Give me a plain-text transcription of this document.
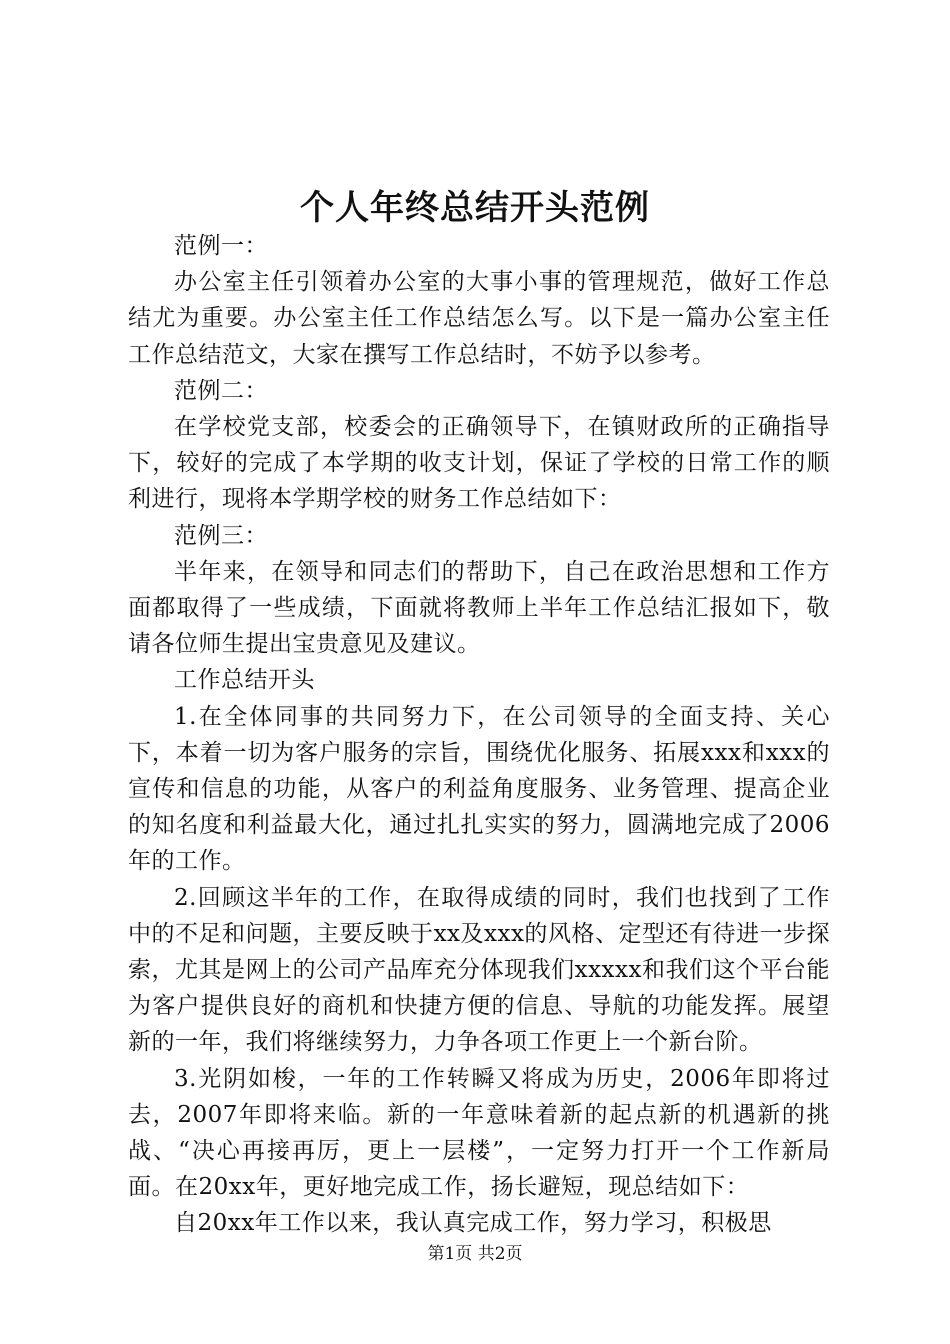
个人年终总结开头范例

范例一：

办公室主任引领着办公室的大事小事的管理规范，做好工作总结尤为重要。办公室主任工作总结怎么写。以下是一篇办公室主任工作总结范文，大家在撰写工作总结时，不妨予以参考。

范例二：

在学校党支部，校委会的正确领导下，在镇财政所的正确指导下，较好的完成了本学期的收支计划，保证了学校的日常工作的顺利进行，现将本学期学校的财务工作总结如下：

范例三：

半年来，在领导和同志们的帮助下，自己在政治思想和工作方面都取得了一些成绩，下面就将教师上半年工作总结汇报如下，敬请各位师生提出宝贵意见及建议。

工作总结开头

1.在全体同事的共同努力下，在公司领导的全面支持、关心下，本着一切为客户服务的宗旨，围绕优化服务、拓展xxx和xxx的宣传和信息的功能，从客户的利益角度服务、业务管理、提高企业的知名度和利益最大化，通过扎扎实实的努力，圆满地完成了2006年的工作。

2.回顾这半年的工作，在取得成绩的同时，我们也找到了工作中的不足和问题，主要反映于xx及xxx的风格、定型还有待进一步探索，尤其是网上的公司产品库充分体现我们xxxxx和我们这个平台能为客户提供良好的商机和快捷方便的信息、导航的功能发挥。展望新的一年，我们将继续努力，力争各项工作更上一个新台阶。

3.光阴如梭，一年的工作转瞬又将成为历史，2006年即将过去，2007年即将来临。新的一年意味着新的起点新的机遇新的挑战、“决心再接再厉，更上一层楼”，一定努力打开一个工作新局面。在20xx年，更好地完成工作，扬长避短，现总结如下：

自20xx年工作以来，我认真完成工作，努力学习，积极思

第1页 共2页
